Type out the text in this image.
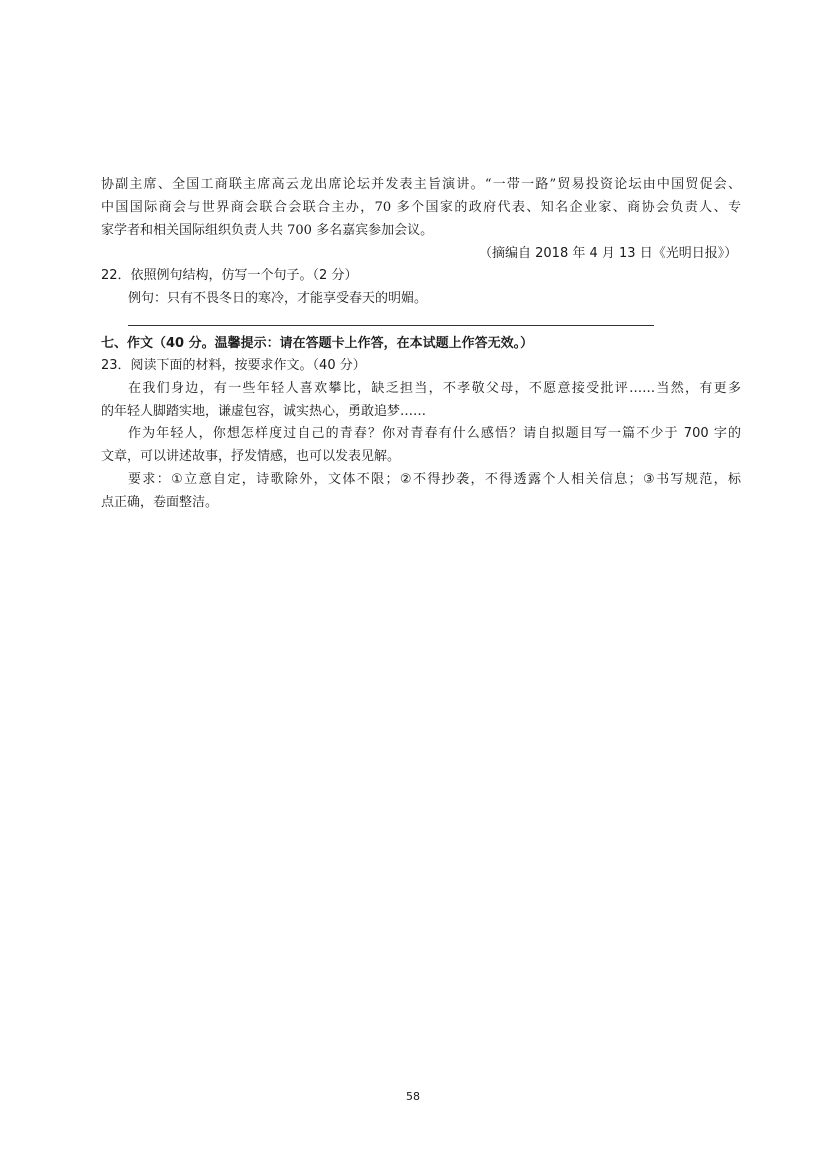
协副主席、全国工商联主席高云龙出席论坛并发表主旨演讲。“一带一路”贸易投资论坛由中国贸促会、
中国国际商会与世界商会联合会联合主办，70 多个国家的政府代表、知名企业家、商协会负责人、专
家学者和相关国际组织负责人共 700 多名嘉宾参加会议。
（摘编自 2018 年 4 月 13 日《光明日报》）
22．依照例句结构，仿写一个句子。（2 分）
例句：只有不畏冬日的寒冷，才能享受春天的明媚。
七、作文（40 分。温馨提示：请在答题卡上作答，在本试题上作答无效。）
23．阅读下面的材料，按要求作文。（40 分）
在我们身边，有一些年轻人喜欢攀比，缺乏担当，不孝敬父母，不愿意接受批评……当然，有更多
的年轻人脚踏实地，谦虚包容，诚实热心，勇敢追梦……
作为年轻人，你想怎样度过自己的青春？你对青春有什么感悟？请自拟题目写一篇不少于 700 字的
文章，可以讲述故事，抒发情感，也可以发表见解。
要求：①立意自定，诗歌除外，文体不限；②不得抄袭，不得透露个人相关信息；③书写规范，标
点正确，卷面整洁。
58
